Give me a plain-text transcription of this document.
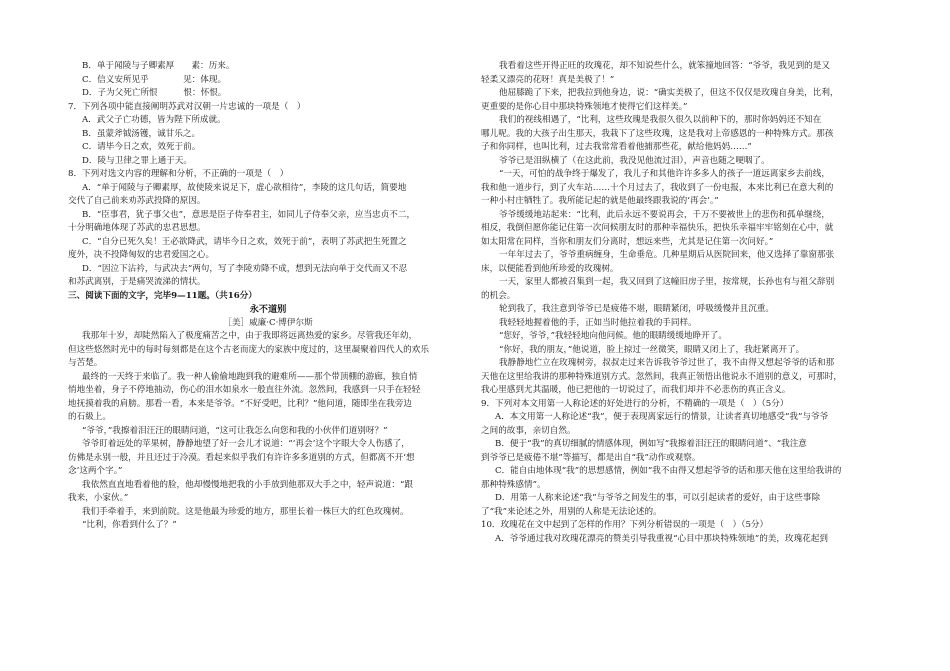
B．单于闻陵与子卿素厚　　素：历来。
C．信义安所见乎　　　　见：体现。
D．子为父死亡所恨　　　恨：怀恨。
7．下列各项中能直接阐明苏武对汉朝一片忠诚的一项是（　）
A．武父子亡功德，皆为陛下所成就。
B．虽蒙斧钺汤镬，诚甘乐之。
C．请毕今日之欢，效死于前。
D．陵与卫律之罪上通于天。
8．下列对选文内容的理解和分析，不正确的一项是（　）
A．“单于闻陵与子卿素厚，故使陵来说足下，虚心欲相待”，李陵的这几句话，简要地
交代了自己前来劝苏武投降的原因。
B．“臣事君，犹子事父也”，意思是臣子侍奉君主，如同儿子侍奉父亲，应当忠贞不二，
十分明确地体现了苏武的忠君思想。
C．“自分已死久矣！王必欲降武，请毕今日之欢，效死于前”，表明了苏武把生死置之
度外，决不投降匈奴的忠君爱国之心。
D．“因泣下沾衿，与武决去”两句，写了李陵劝降不成，想到无法向单于交代而又不忍
和苏武离别，于是痛哭流涕的情状。
三、阅读下面的文字，完毕9—11题。（共16分）
永不道别
［美］威廉·C·博伊尔斯
我那年十岁，却陡然陷入了极度痛苦之中，由于我即将远离热爱的家乡。尽管我还年幼，
但这些悠然时光中的每时每刻都是在这个古老而庞大的家族中度过的，这里凝聚着四代人的欢乐
与苦楚。
最终的一天终于来临了。我一种人偷偷地跑到我的避难所——那个带顶棚的游廊，独自悄
悄地坐着，身子不停地抽动，伤心的泪水如泉水一般直往外流。忽然间，我感到一只手在轻轻
地抚摸着我的肩膀。那看一看，本来是爷爷。“不好受吧，比利？”他问道，随即坐在我旁边
的石級上。
“爷爷，”我擦着泪汪汪的眼睛问道，“这可让我怎么向您和我的小伙伴们道别呀？”
爷爷盯着远处的苹果树，静静地望了好一会儿才说道：“‘再会’这个字眼大令人伤感了，
仿佛是永别一般，并且还过于冷漠。看起来似乎我们有许许多多道别的方式，但都离不开‘想
念’这两个字。”
我依然直直地看着他的脸，他却慢慢地把我的小手放到他那双大手之中，轻声说道：“跟
我来，小家伙。”
我们手牵着手，来到前院。这是他最为珍爱的地方，那里长着一株巨大的红色玫瑰树。
“比利，你看到什么了？”
我看着这些开得正旺的玫瑰花，却不知说些什么，就笨撞地回答：“爷爷，我见到的是又
轻柔又漂亮的花呀！真是美极了！”
他屈膝跪了下来，把我拉到他身边，说：“确实美极了，但这不仅仅是玫瑰自身美，比利，
更重要的是你心目中那块特殊领地才使得它们这样美。”
我们的视线相遇了，“比利，这些玫瑰是我很久很久以前种下的，那时你妈妈还不知在
哪儿呢。我的大孩子出生那天，我栽下了这些玫瑰，这是我对上帝感恩的一种特殊方式。那孩
子和你同样，也叫比利，过去我常常看着他捕那些花，献给他妈妈……”
爷爷已是泪纵横了（在这此前，我没见他流过泪），声音也随之哽咽了。
“一天，可怕的战争终于爆发了，我儿子和其他许许多多人的孩子一道远离家乡去前线，
我和他一道步行，到了火车站……十个月过去了，我收到了一份电报，本来比利已在意大利的
一种小村庄牺牲了。我所能记起的就是他最终跟我说的‘再会’。”
爷爷缓缓地站起来：“比利，此后永远不要说再会，千万不要被世上的悲伤和孤单继绕，
相反，我倒但愿你能记住第一次问候朋友时的那种幸福快乐，把快乐幸福牢牢铭刻在心中，就
如太阳常在同样，当你和朋友们分离时，想远来些，尤其是记住第一次问好。”
一年年过去了，爷爷重病缠身，生命垂危。几种星期后从医院回来，他又选择了靠窗那张
床，以便能看到他所珍爱的玫瑰树。
一天，家里人都被召集到一起，我又回到了这幢旧房子里，按常规，长孙也有与祖父辞别
的机会。
轮到我了，我注意到爷爷已是疲倦不堪，眼睛紧闭，呼吸缓慢并且沉重。
我轻轻地握着他的手，正如当时他拉着我的手同样。
“您好，爷爷，”我轻轻地向他问候。他的眼睛缓缓地睁开了。
“你好，我的朋友，”他说道，脸上掠过一丝微笑，眼睛又闭上了，我赶紧离开了。
我静静地伫立在玫瑰树旁，叔叔走过来告诉我爷爷过世了，我不由得又想起爷爷的话和那
天他在这里给我讲的那种特殊道别方式。忽然间，我真正领悟出他说永不道别的意义，可那时，
我心里感到尤其温暖，他已把他的一切说过了，而我们却并不必悲伤的真正含义。
9．下列对本文用第一人称论述的好处进行的分析，不精确的一项是（　）（5分）
A．本文用第一人称论述“我”，便于表现离家远行的情景，让读者真切地感受“我”与爷爷
之间的故事，亲切自然。
B．便于“我”的真切细腻的情感体现，例如写“我擦着泪汪汪的眼睛问道”、“我注意
到爷爷已是疲倦不堪”等描写，都是出自“我”动作或观察。
C．能自由地体现“我”的思想感情，例如“我不由得又想起爷爷的话和那天他在这里给我讲的
那种特殊感情”。
D．用第一人称来论述“我”与爷爷之间发生的事，可以引起读者的爱好，由于这些事除
了“我”来论述之外，用别的人称是无法论述的。
10．玫瑰花在文中起到了怎样的作用？下列分析错误的一项是（　）（5分）
A．爷爷通过我对玫瑰花漂亮的赞美引导我重视“心目中那块特殊领地”的美，玫瑰花起到
